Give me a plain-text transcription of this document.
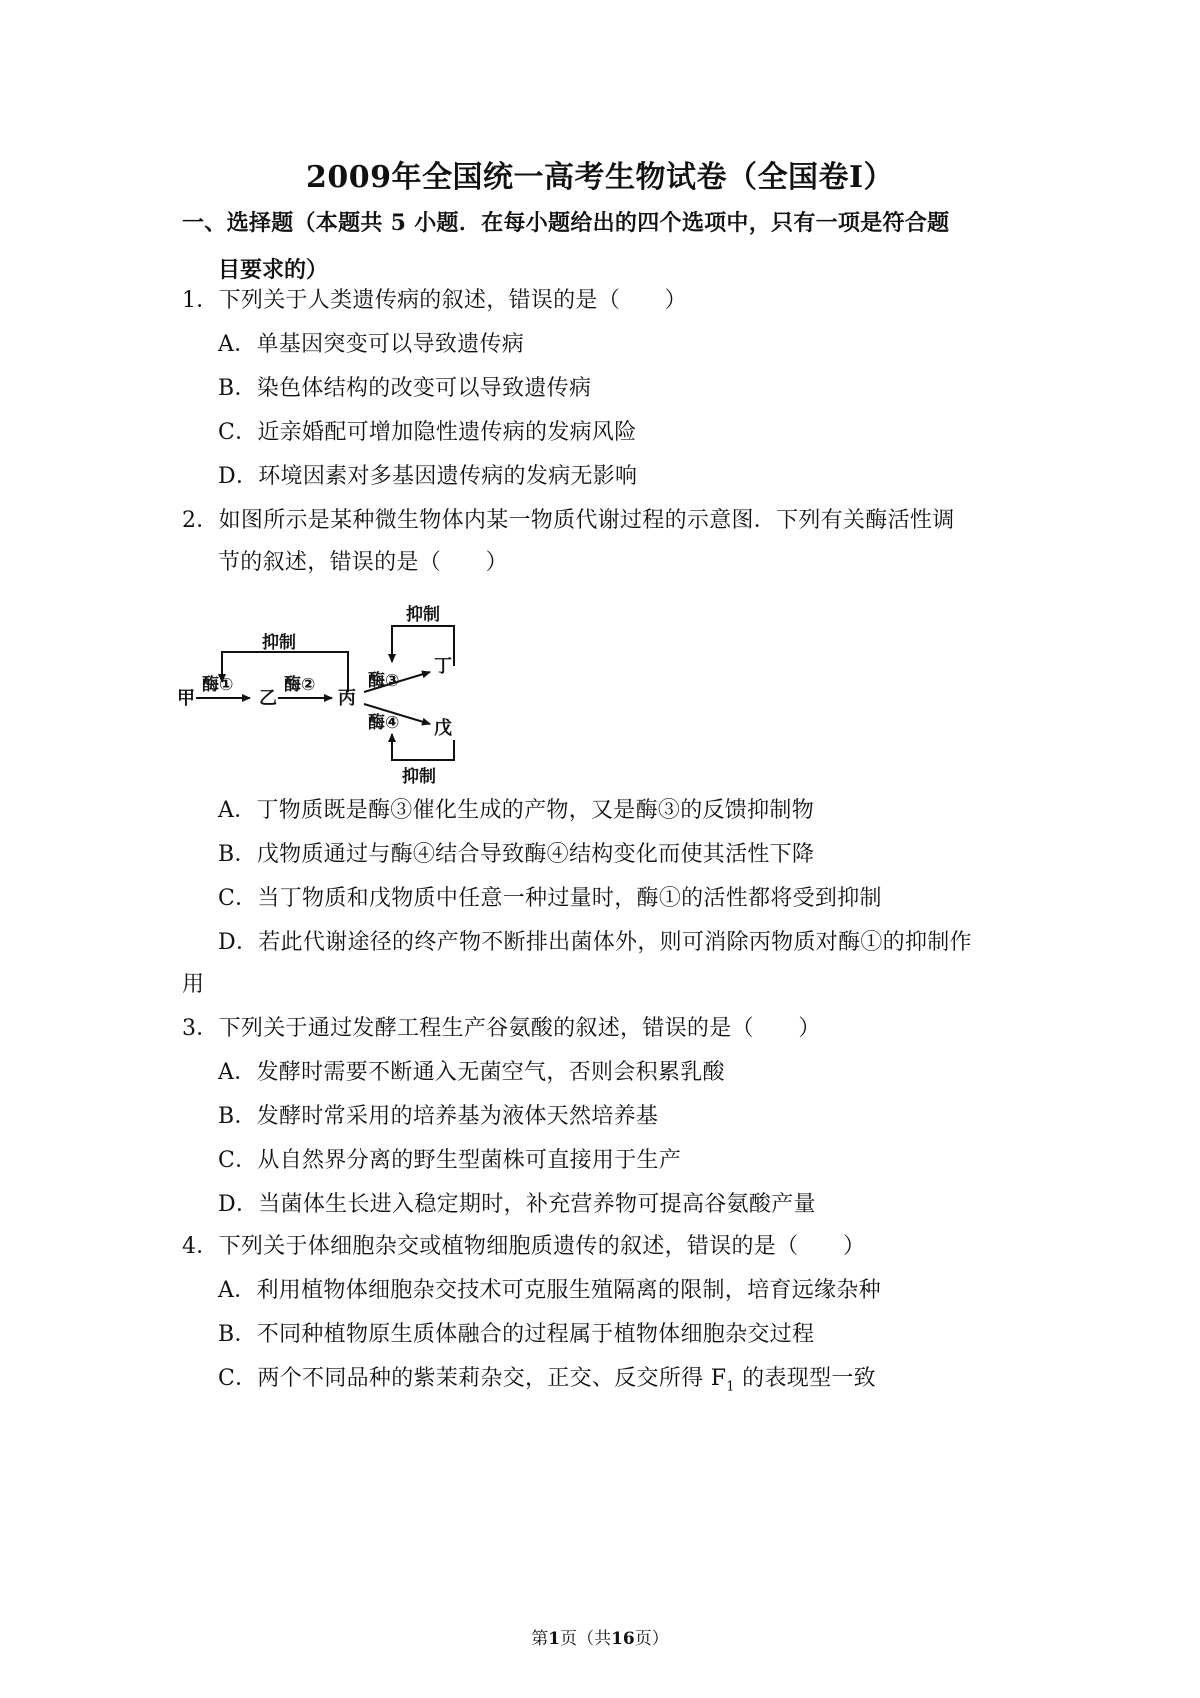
2009年全国统一高考生物试卷（全国卷Ⅰ）
一、选择题（本题共 5 小题．在每小题给出的四个选项中，只有一项是符合题
目要求的）
1．下列关于人类遗传病的叙述，错误的是（　　）
A．单基因突变可以导致遗传病
B．染色体结构的改变可以导致遗传病
C．近亲婚配可增加隐性遗传病的发病风险
D．环境因素对多基因遗传病的发病无影响
2．如图所示是某种微生物体内某一物质代谢过程的示意图．下列有关酶活性调
节的叙述，错误的是（　　）
抑制
甲
酶①
乙
酶②
丙
酶③
丁
酶④ 戊
抑制
抑制
A．丁物质既是酶③催化生成的产物，又是酶③的反馈抑制物
B．戊物质通过与酶④结合导致酶④结构变化而使其活性下降
C．当丁物质和戊物质中任意一种过量时，酶①的活性都将受到抑制
D．若此代谢途径的终产物不断排出菌体外，则可消除丙物质对酶①的抑制作
用
3．下列关于通过发酵工程生产谷氨酸的叙述，错误的是（　　）
A．发酵时需要不断通入无菌空气，否则会积累乳酸
B．发酵时常采用的培养基为液体天然培养基
C．从自然界分离的野生型菌株可直接用于生产
D．当菌体生长进入稳定期时，补充营养物可提高谷氨酸产量
4．下列关于体细胞杂交或植物细胞质遗传的叙述，错误的是（　　）
A．利用植物体细胞杂交技术可克服生殖隔离的限制，培育远缘杂种
B．不同种植物原生质体融合的过程属于植物体细胞杂交过程
C．两个不同品种的紫茉莉杂交，正交、反交所得 $F_1$ 的表现型一致
第1页（共16页）
